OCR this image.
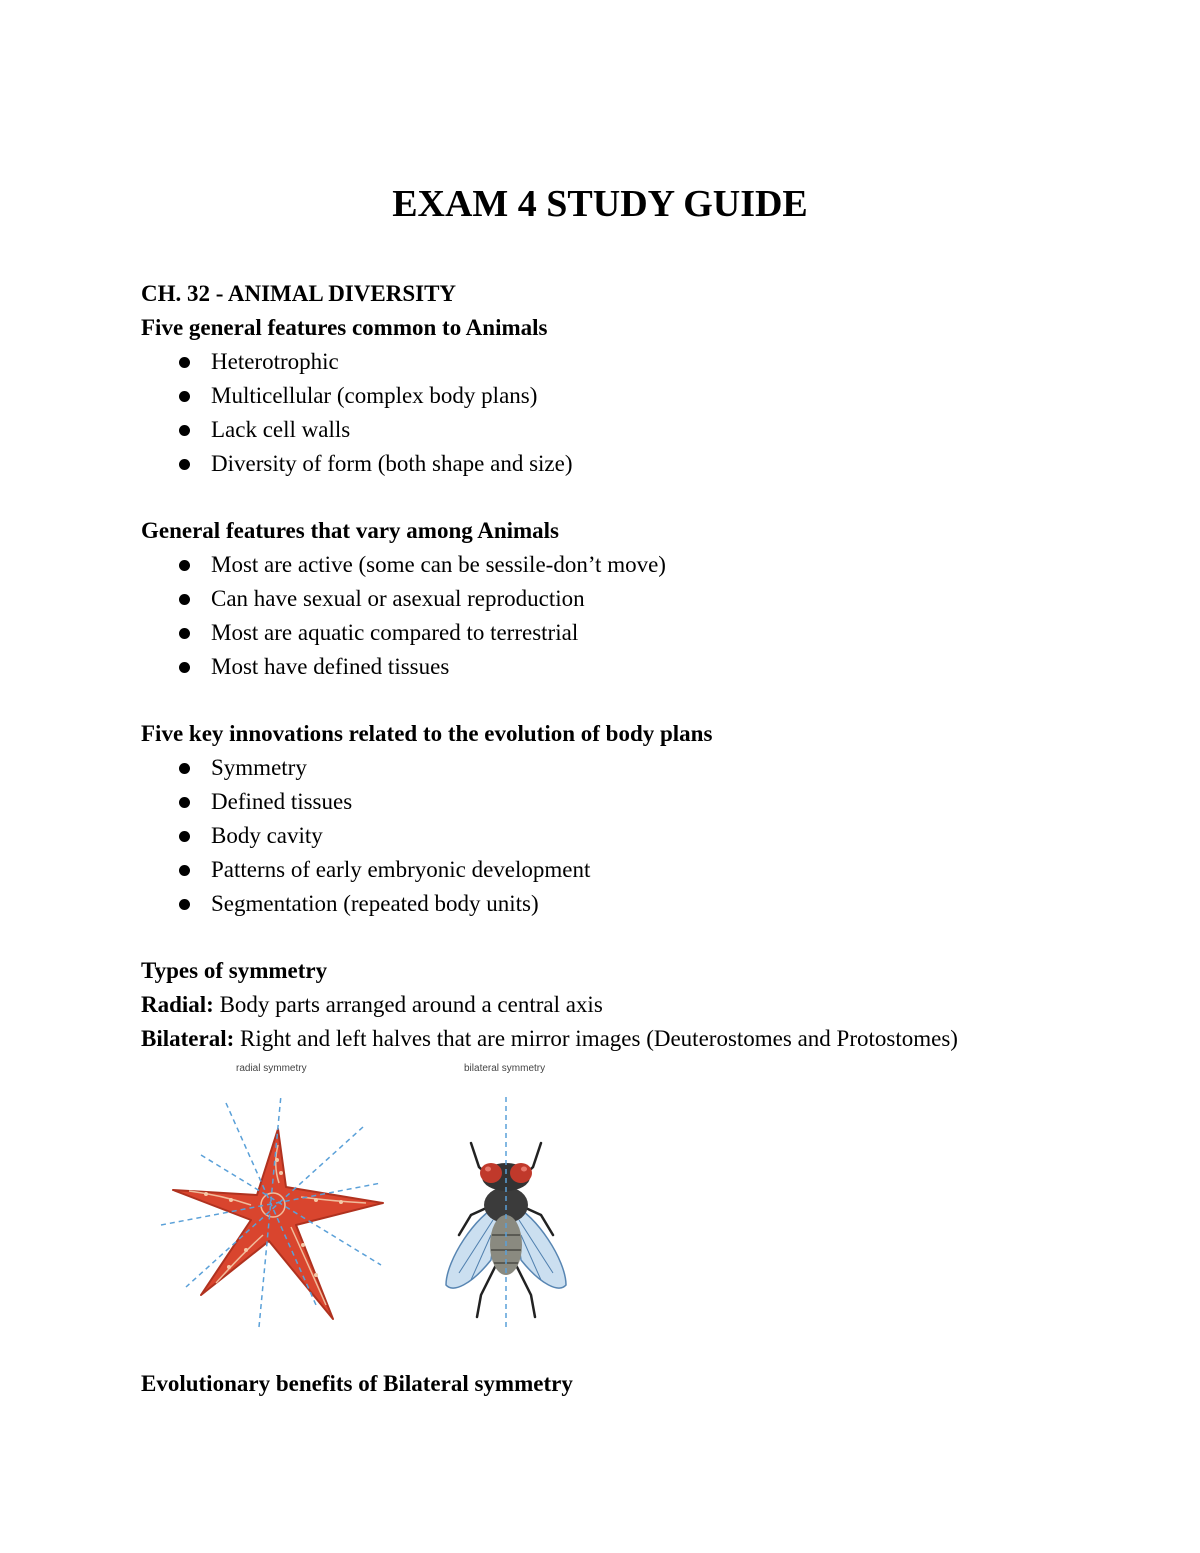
EXAM 4 STUDY GUIDE
CH. 32 - ANIMAL DIVERSITY
Five general features common to Animals
Heterotrophic
Multicellular (complex body plans)
Lack cell walls
Diversity of form (both shape and size)
General features that vary among Animals
Most are active (some can be sessile-don’t move)
Can have sexual or asexual reproduction
Most are aquatic compared to terrestrial
Most have defined tissues
Five key innovations related to the evolution of body plans
Symmetry
Defined tissues
Body cavity
Patterns of early embryonic development
Segmentation (repeated body units)
Types of symmetry
Radial: Body parts arranged around a central axis
Bilateral: Right and left halves that are mirror images (Deuterostomes and Protostomes)
radial symmetry	bilateral symmetry
Evolutionary benefits of Bilateral symmetry
